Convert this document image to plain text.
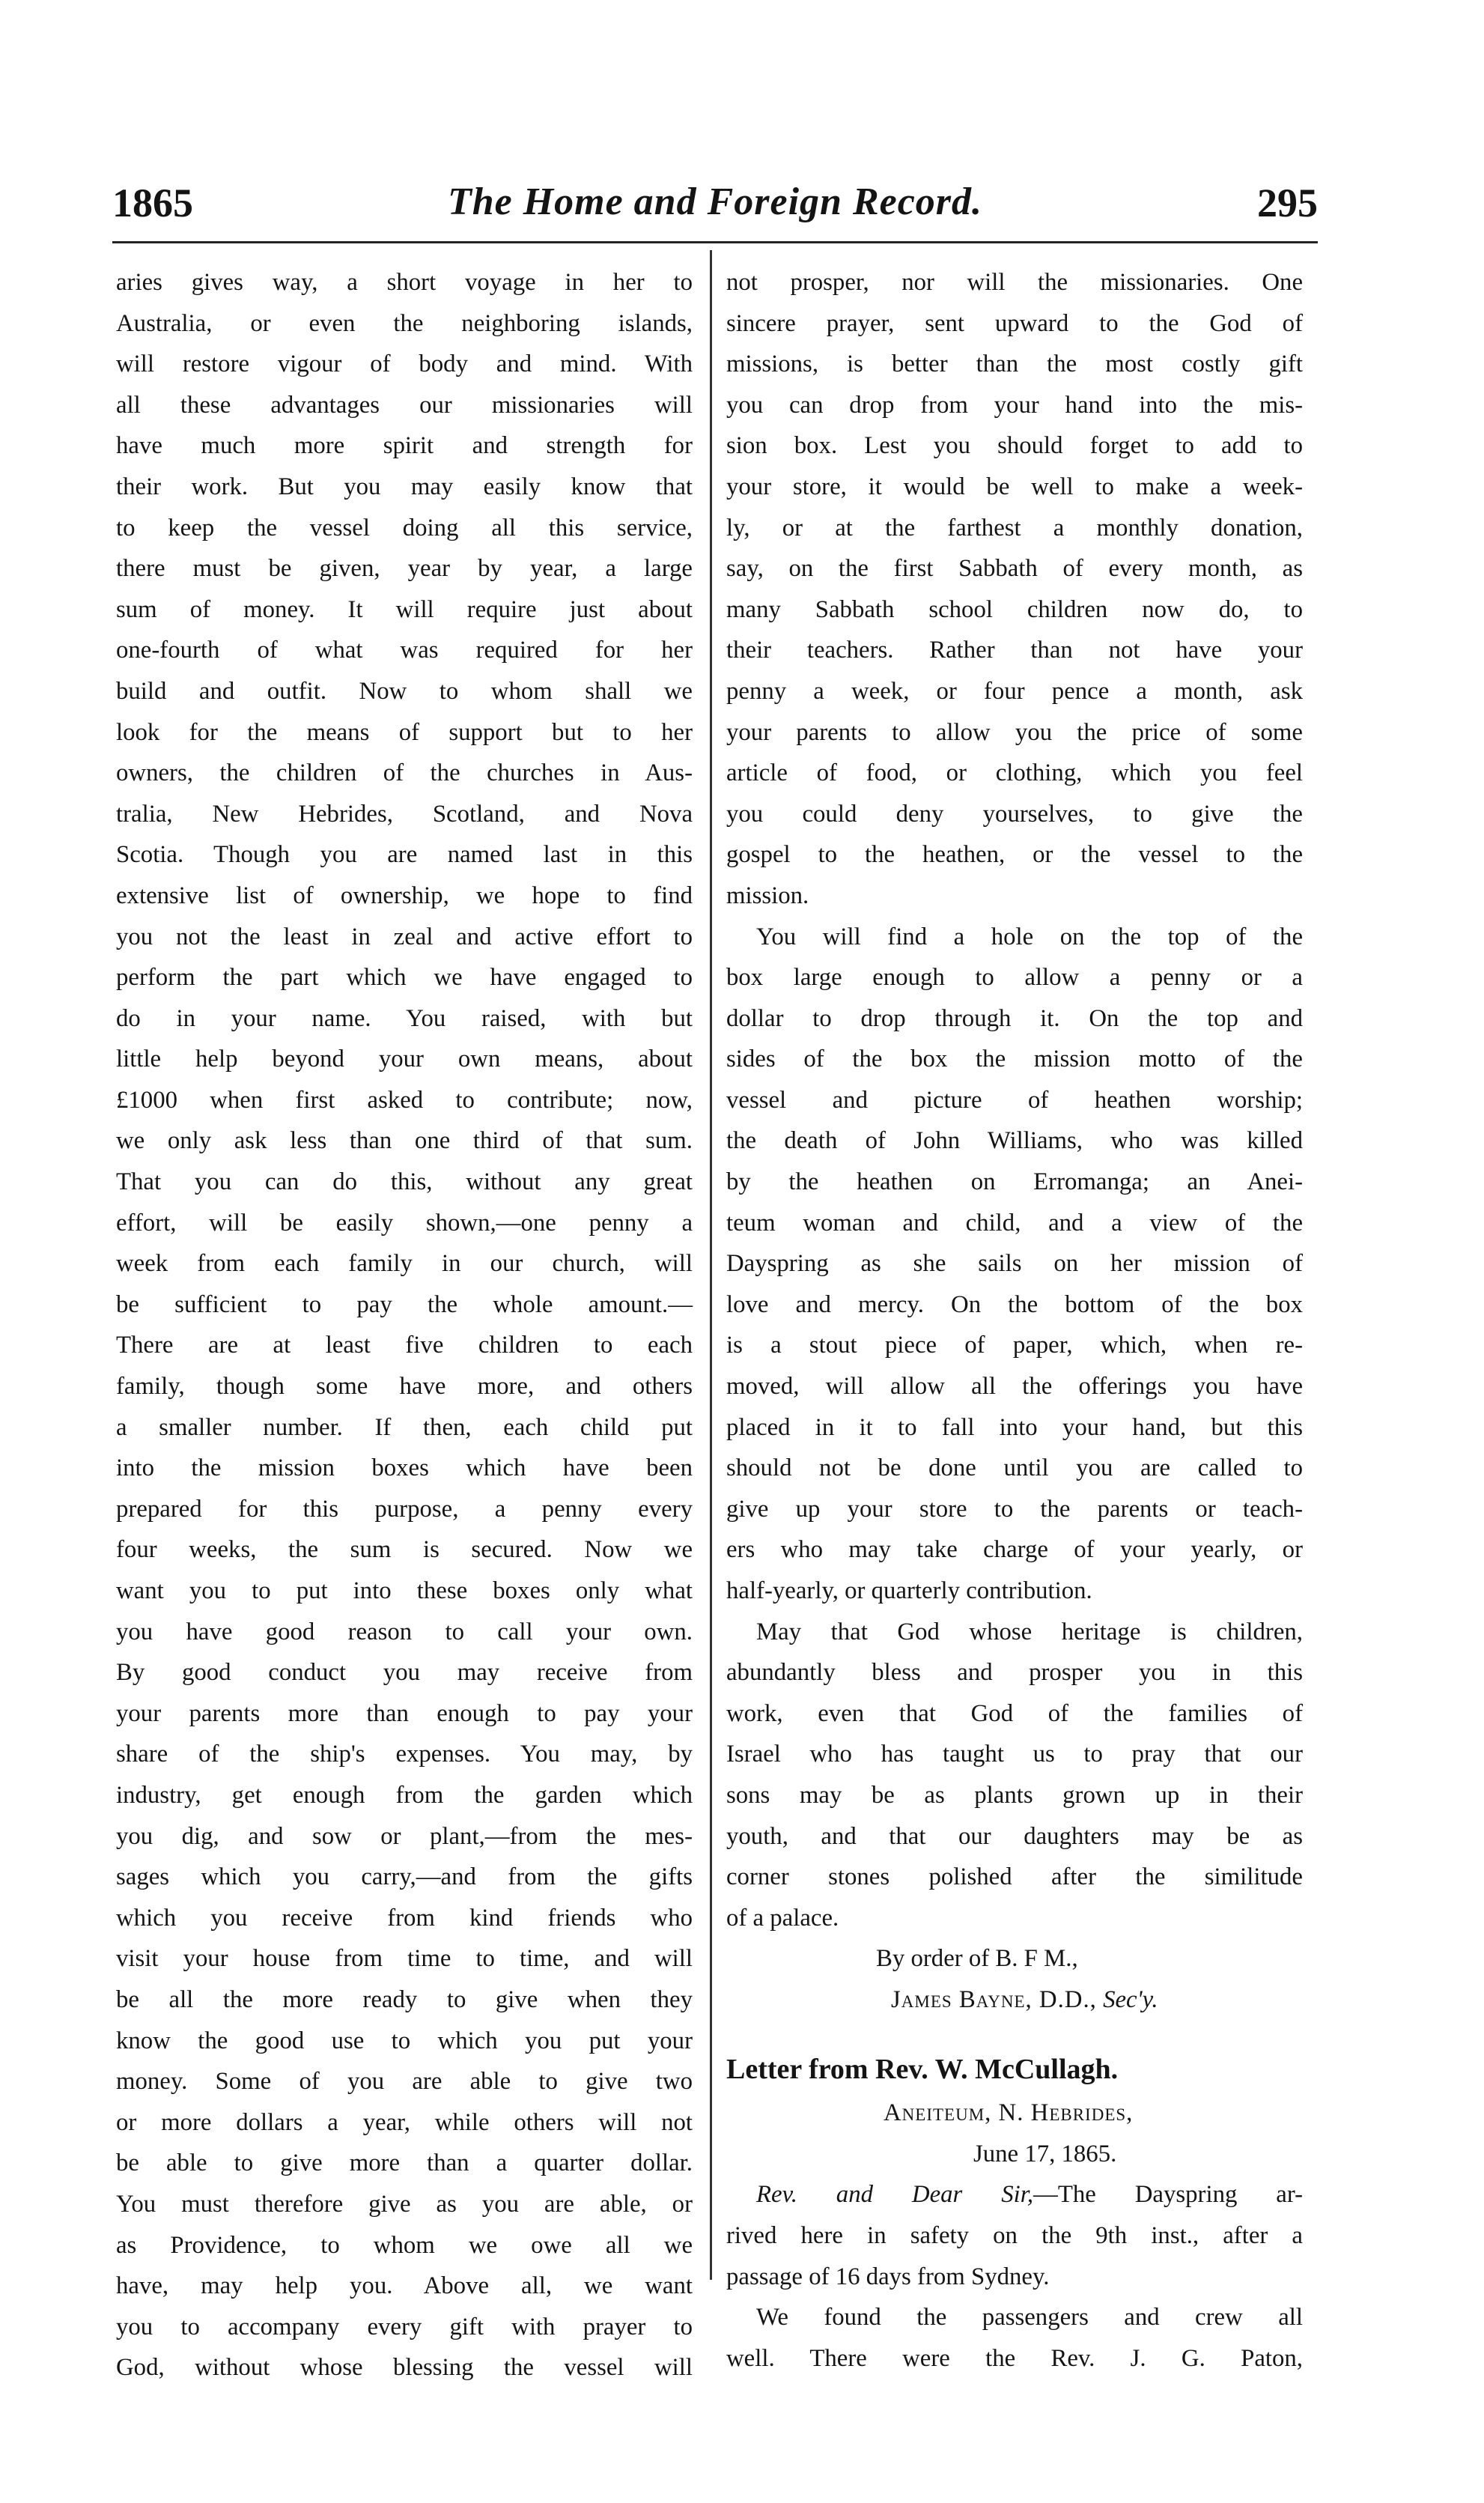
1865	The Home and Foreign Record.	295
aries gives way, a short voyage in her to
Australia, or even the neighboring islands,
will restore vigour of body and mind. With
all these advantages our missionaries will
have much more spirit and strength for
their work. But you may easily know that
to keep the vessel doing all this service,
there must be given, year by year, a large
sum of money. It will require just about
one-fourth of what was required for her
build and outfit. Now to whom shall we
look for the means of support but to her
owners, the children of the churches in Aus-
tralia, New Hebrides, Scotland, and Nova
Scotia. Though you are named last in this
extensive list of ownership, we hope to find
you not the least in zeal and active effort to
perform the part which we have engaged to
do in your name. You raised, with but
little help beyond your own means, about
£1000 when first asked to contribute; now,
we only ask less than one third of that sum.
That you can do this, without any great
effort, will be easily shown,—one penny a
week from each family in our church, will
be sufficient to pay the whole amount.—
There are at least five children to each
family, though some have more, and others
a smaller number. If then, each child put
into the mission boxes which have been
prepared for this purpose, a penny every
four weeks, the sum is secured. Now we
want you to put into these boxes only what
you have good reason to call your own.
By good conduct you may receive from
your parents more than enough to pay your
share of the ship's expenses. You may, by
industry, get enough from the garden which
you dig, and sow or plant,—from the mes-
sages which you carry,—and from the gifts
which you receive from kind friends who
visit your house from time to time, and will
be all the more ready to give when they
know the good use to which you put your
money. Some of you are able to give two
or more dollars a year, while others will not
be able to give more than a quarter dollar.
You must therefore give as you are able, or
as Providence, to whom we owe all we
have, may help you. Above all, we want
you to accompany every gift with prayer to
God, without whose blessing the vessel will
not prosper, nor will the missionaries. One
sincere prayer, sent upward to the God of
missions, is better than the most costly gift
you can drop from your hand into the mis-
sion box. Lest you should forget to add to
your store, it would be well to make a week-
ly, or at the farthest a monthly donation,
say, on the first Sabbath of every month, as
many Sabbath school children now do, to
their teachers. Rather than not have your
penny a week, or four pence a month, ask
your parents to allow you the price of some
article of food, or clothing, which you feel
you could deny yourselves, to give the
gospel to the heathen, or the vessel to the
mission.
You will find a hole on the top of the
box large enough to allow a penny or a
dollar to drop through it. On the top and
sides of the box the mission motto of the
vessel and picture of heathen worship;
the death of John Williams, who was killed
by the heathen on Erromanga; an Anei-
teum woman and child, and a view of the
Dayspring as she sails on her mission of
love and mercy. On the bottom of the box
is a stout piece of paper, which, when re-
moved, will allow all the offerings you have
placed in it to fall into your hand, but this
should not be done until you are called to
give up your store to the parents or teach-
ers who may take charge of your yearly, or
half-yearly, or quarterly contribution.
May that God whose heritage is children,
abundantly bless and prosper you in this
work, even that God of the families of
Israel who has taught us to pray that our
sons may be as plants grown up in their
youth, and that our daughters may be as
corner stones polished after the similitude
of a palace.
By order of B. F M.,
James Bayne, D.D., Sec'y.
Letter from Rev. W. McCullagh.
Aneiteum, N. Hebrides,
June 17, 1865.
Rev. and Dear Sir,—The Dayspring ar-
rived here in safety on the 9th inst., after a
passage of 16 days from Sydney.
We found the passengers and crew all
well. There were the Rev. J. G. Paton,
